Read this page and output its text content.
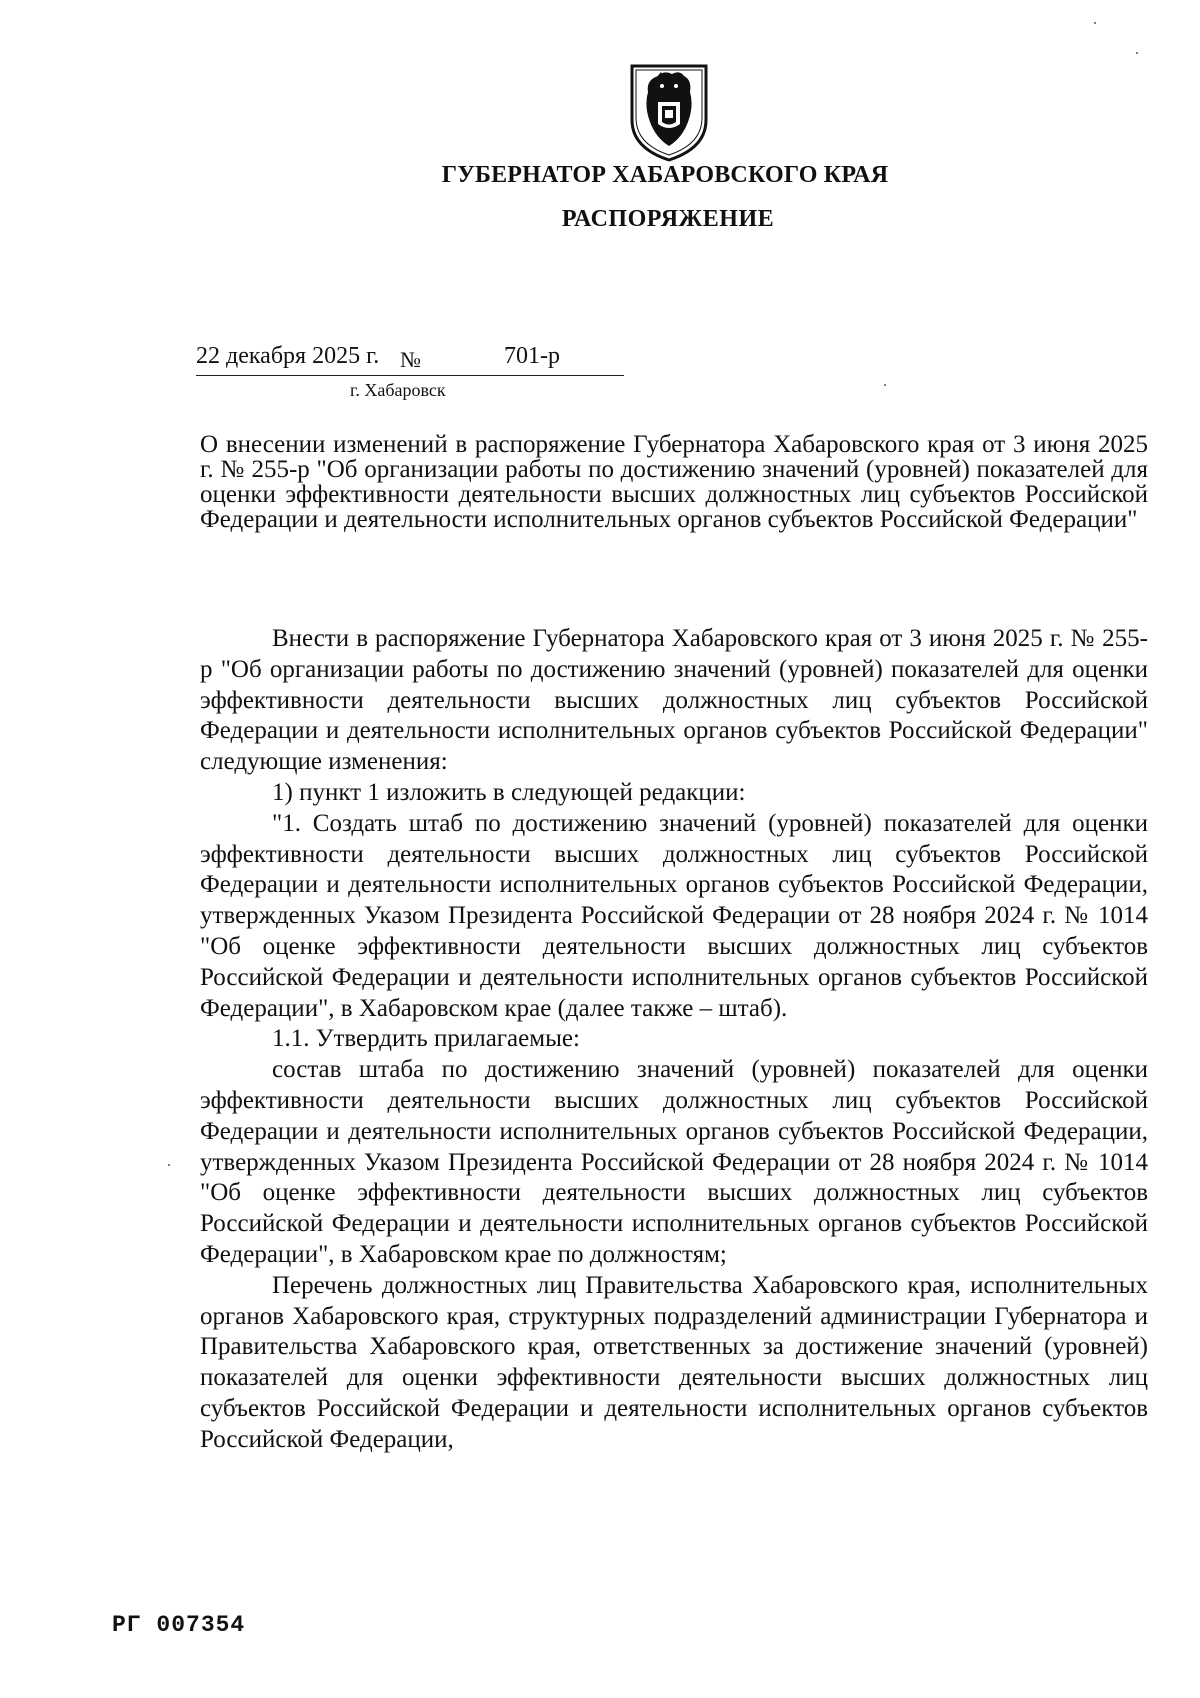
ГУБЕРНАТОР ХАБАРОВСКОГО КРАЯ
РАСПОРЯЖЕНИЕ
22 декабря 2025 г. №	701-р
г. Хабаровск
О внесении изменений в распоряжение Губернатора Хабаровского края от 3 июня 2025 г. № 255-р "Об организации работы по достижению значений (уровней) показателей для оценки эффективности деятельности высших должностных лиц субъектов Российской Федерации и деятельности исполнительных органов субъектов Российской Федерации"

Внести в распоряжение Губернатора Хабаровского края от 3 июня 2025 г. № 255-р "Об организации работы по достижению значений (уровней) показателей для оценки эффективности деятельности высших должностных лиц субъектов Российской Федерации и деятельности исполнительных органов субъектов Российской Федерации" следующие изменения:

1) пункт 1 изложить в следующей редакции:

"1. Создать штаб по достижению значений (уровней) показателей для оценки эффективности деятельности высших должностных лиц субъектов Российской Федерации и деятельности исполнительных органов субъектов Российской Федерации, утвержденных Указом Президента Российской Федерации от 28 ноября 2024 г. № 1014 "Об оценке эффективности деятельности высших должностных лиц субъектов Российской Федерации и деятельности исполнительных органов субъектов Российской Федерации", в Хабаровском крае (далее также – штаб).

1.1. Утвердить прилагаемые:

состав штаба по достижению значений (уровней) показателей для оценки эффективности деятельности высших должностных лиц субъектов Российской Федерации и деятельности исполнительных органов субъектов Российской Федерации, утвержденных Указом Президента Российской Федерации от 28 ноября 2024 г. № 1014 "Об оценке эффективности деятельности высших должностных лиц субъектов Российской Федерации и деятельности исполнительных органов субъектов Российской Федерации", в Хабаровском крае по должностям;

Перечень должностных лиц Правительства Хабаровского края, исполнительных органов Хабаровского края, структурных подразделений администрации Губернатора и Правительства Хабаровского края, ответственных за достижение значений (уровней) показателей для оценки эффективности деятельности высших должностных лиц субъектов Российской Федерации и деятельности исполнительных органов субъектов Российской Федерации,

РГ 007354
